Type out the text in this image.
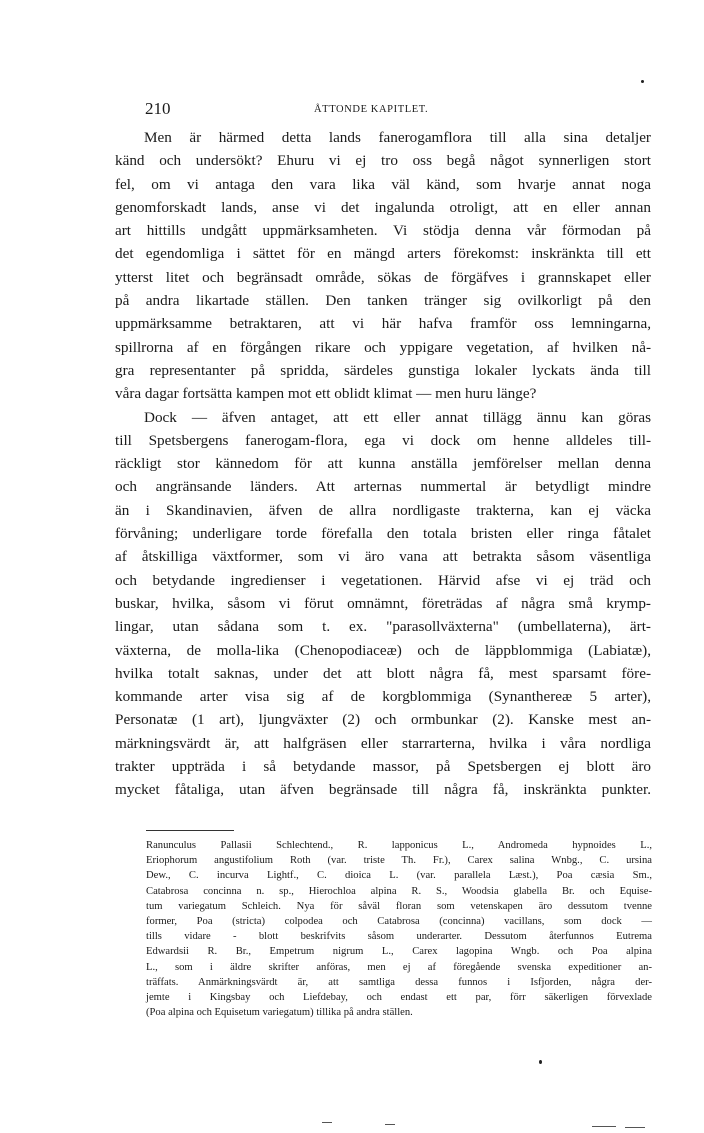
210	ÅTTONDE KAPITLET.
Men är härmed detta lands fanerogamflora till alla sina detaljer
känd och undersökt? Ehuru vi ej tro oss begå något synnerligen stort
fel, om vi antaga den vara lika väl känd, som hvarje annat noga
genomforskadt lands, anse vi det ingalunda otroligt, att en eller annan
art hittills undgått uppmärksamheten. Vi stödja denna vår förmodan på
det egendomliga i sättet för en mängd arters förekomst: inskränkta till ett
ytterst litet och begränsadt område, sökas de förgäfves i grannskapet eller
på andra likartade ställen. Den tanken tränger sig ovilkorligt på den
uppmärksamme betraktaren, att vi här hafva framför oss lemningarna,
spillrorna af en förgången rikare och yppigare vegetation, af hvilken nå-
gra representanter på spridda, särdeles gunstiga lokaler lyckats ända till
våra dagar fortsätta kampen mot ett oblidt klimat — men huru länge?
Dock — äfven antaget, att ett eller annat tillägg ännu kan göras
till Spetsbergens fanerogam-flora, ega vi dock om henne alldeles till-
räckligt stor kännedom för att kunna anställa jemförelser mellan denna
och angränsande länders. Att arternas nummertal är betydligt mindre
än i Skandinavien, äfven de allra nordligaste trakterna, kan ej väcka
förvåning; underligare torde förefalla den totala bristen eller ringa fåtalet
af åtskilliga växtformer, som vi äro vana att betrakta såsom väsentliga
och betydande ingredienser i vegetationen. Härvid afse vi ej träd och
buskar, hvilka, såsom vi förut omnämnt, företrädas af några små krymp-
lingar, utan sådana som t. ex. "parasollväxterna" (umbellaterna), ärt-
växterna, de molla-lika (Chenopodiaceæ) och de läppblommiga (Labiatæ),
hvilka totalt saknas, under det att blott några få, mest sparsamt före-
kommande arter visa sig af de korgblommiga (Synanthereæ 5 arter),
Personatæ (1 art), ljungväxter (2) och ormbunkar (2). Kanske mest an-
märkningsvärdt är, att halfgräsen eller starrarterna, hvilka i våra nordliga
trakter uppträda i så betydande massor, på Spetsbergen ej blott äro
mycket fåtaliga, utan äfven begränsade till några få, inskränkta punkter.
Ranunculus Pallasii Schlechtend., R. lapponicus L., Andromeda hypnoides L.,
Eriophorum angustifolium Roth (var. triste Th. Fr.), Carex salina Wnbg., C. ursina
Dew., C. incurva Lightf., C. dioica L. (var. parallela Læst.), Poa cæsia Sm.,
Catabrosa concinna n. sp., Hierochloa alpina R. S., Woodsia glabella Br. och Equise-
tum variegatum Schleich. Nya för såväl floran som vetenskapen äro dessutom tvenne
former, Poa (stricta) colpodea och Catabrosa (concinna) vacillans, som dock —
tills vidare - blott beskrifvits såsom underarter. Dessutom återfunnos Eutrema
Edwardsii R. Br., Empetrum nigrum L., Carex lagopina Wngb. och Poa alpina
L., som i äldre skrifter anföras, men ej af föregående svenska expeditioner an-
träffats. Anmärkningsvärdt är, att samtliga dessa funnos i Isfjorden, några der-
jemte i Kingsbay och Liefdebay, och endast ett par, förr säkerligen förvexlade
(Poa alpina och Equisetum variegatum) tillika på andra ställen.
